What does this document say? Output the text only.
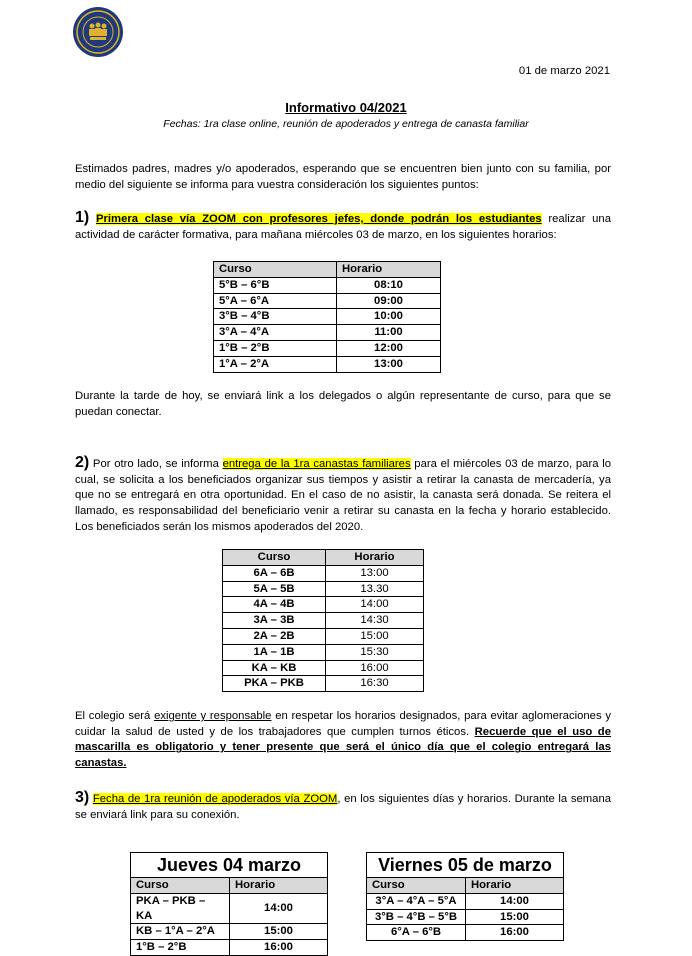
01 de marzo 2021
Informativo 04/2021
Fechas: 1ra clase online, reunión de apoderados y entrega de canasta familiar
Estimados padres, madres y/o apoderados, esperando que se encuentren bien junto con su familia, por medio del siguiente se informa para vuestra consideración los siguientes puntos:
1) Primera clase vía ZOOM con profesores jefes, donde podrán los estudiantes realizar una actividad de carácter formativa, para mañana miércoles 03 de marzo, en los siguientes horarios:
Curso	Horario
5°B – 6°B	08:10
5°A – 6°A	09:00
3°B – 4°B	10:00
3°A – 4°A	11:00
1°B – 2°B	12:00
1°A – 2°A	13:00
Durante la tarde de hoy, se enviará link a los delegados o algún representante de curso, para que se puedan conectar.
2) Por otro lado, se informa entrega de la 1ra canastas familiares para el miércoles 03 de marzo, para lo cual, se solicita a los beneficiados organizar sus tiempos y asistir a retirar la canasta de mercadería, ya que no se entregará en otra oportunidad. En el caso de no asistir, la canasta será donada. Se reitera el llamado, es responsabilidad del beneficiario venir a retirar su canasta en la fecha y horario establecido. Los beneficiados serán los mismos apoderados del 2020.
Curso	Horario
6A – 6B	13:00
5A – 5B	13.30
4A – 4B	14:00
3A – 3B	14:30
2A – 2B	15:00
1A – 1B	15:30
KA – KB	16:00
PKA – PKB	16:30
El colegio será exigente y responsable en respetar los horarios designados, para evitar aglomeraciones y cuidar la salud de usted y de los trabajadores que cumplen turnos éticos. Recuerde que el uso de mascarilla es obligatorio y tener presente que será el único día que el colegio entregará las canastas.
3) Fecha de 1ra reunión de apoderados vía ZOOM, en los siguientes días y horarios. Durante la semana se enviará link para su conexión.
Jueves 04 marzo	
Curso	Horario
PKA – PKB – KA	14:00
KB – 1°A – 2°A	15:00
1°B – 2°B	16:00
Viernes 05 de marzo	
Curso	Horario
3°A – 4°A – 5°A	14:00
3°B – 4°B – 5°B	15:00
6°A – 6°B	16:00
